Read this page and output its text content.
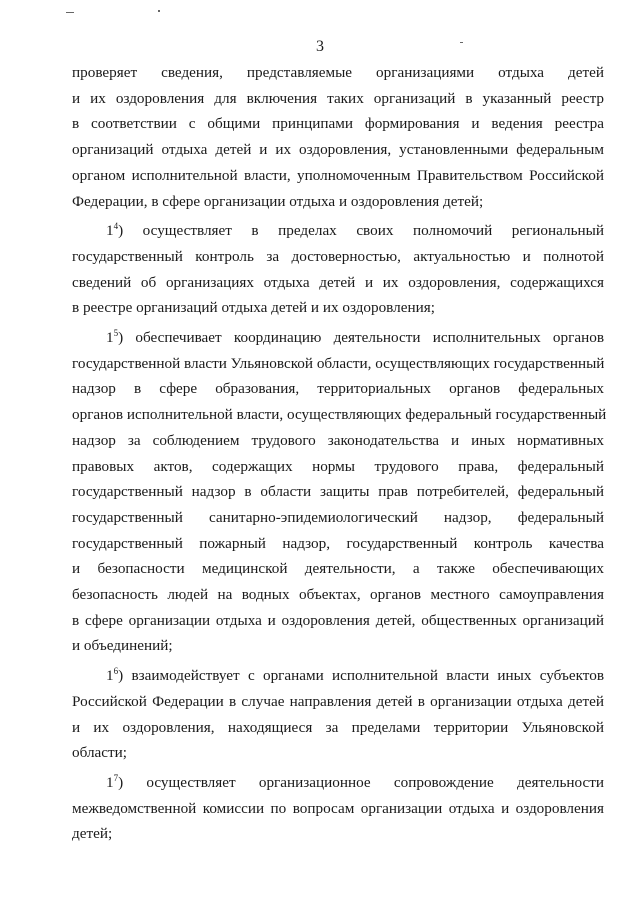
3
проверяет сведения, представляемые организациями отдыха детей
и их оздоровления для включения таких организаций в указанный реестр
в соответствии с общими принципами формирования и ведения реестра
организаций отдыха детей и их оздоровления, установленными федеральным
органом исполнительной власти, уполномоченным Правительством Российской
Федерации, в сфере организации отдыха и оздоровления детей;
$1^4$) осуществляет в пределах своих полномочий региональный
государственный контроль за достоверностью, актуальностью и полнотой
сведений об организациях отдыха детей и их оздоровления, содержащихся
в реестре организаций отдыха детей и их оздоровления;
$1^5$) обеспечивает координацию деятельности исполнительных органов
государственной власти Ульяновской области, осуществляющих государственный
надзор в сфере образования, территориальных органов федеральных
органов исполнительной власти, осуществляющих федеральный государственный
надзор за соблюдением трудового законодательства и иных нормативных
правовых актов, содержащих нормы трудового права, федеральный
государственный надзор в области защиты прав потребителей, федеральный
государственный санитарно-эпидемиологический надзор, федеральный
государственный пожарный надзор, государственный контроль качества
и безопасности медицинской деятельности, а также обеспечивающих
безопасность людей на водных объектах, органов местного самоуправления
в сфере организации отдыха и оздоровления детей, общественных организаций
и объединений;
$1^6$) взаимодействует с органами исполнительной власти иных субъектов
Российской Федерации в случае направления детей в организации отдыха детей
и их оздоровления, находящиеся за пределами территории Ульяновской
области;
$1^7$) осуществляет организационное сопровождение деятельности
межведомственной комиссии по вопросам организации отдыха и оздоровления
детей;
